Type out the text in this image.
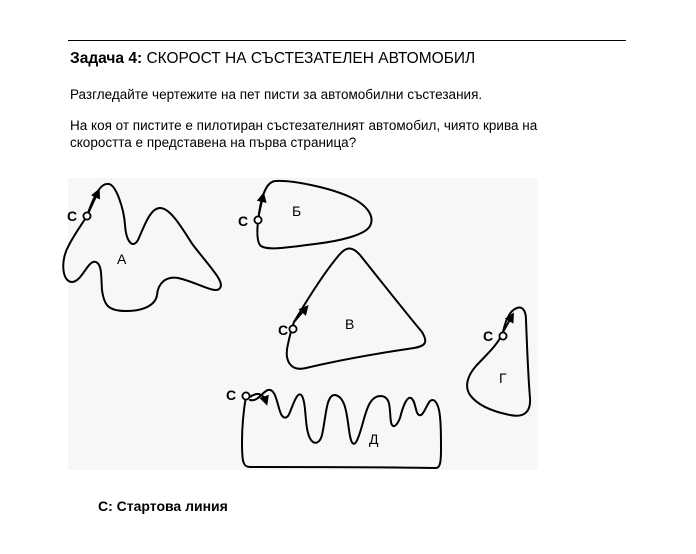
Задача 4: СКОРОСТ НА СЪСТЕЗАТЕЛЕН АВТОМОБИЛ
Разгледайте чертежите на пет писти за автомобилни състезания.
На коя от пистите е пилотиран състезателният автомобил, чиято крива на
скоростта е представена на първа страница?
С	С
С	С
С
А
Б
В
Г
Д
С: Стартова линия
